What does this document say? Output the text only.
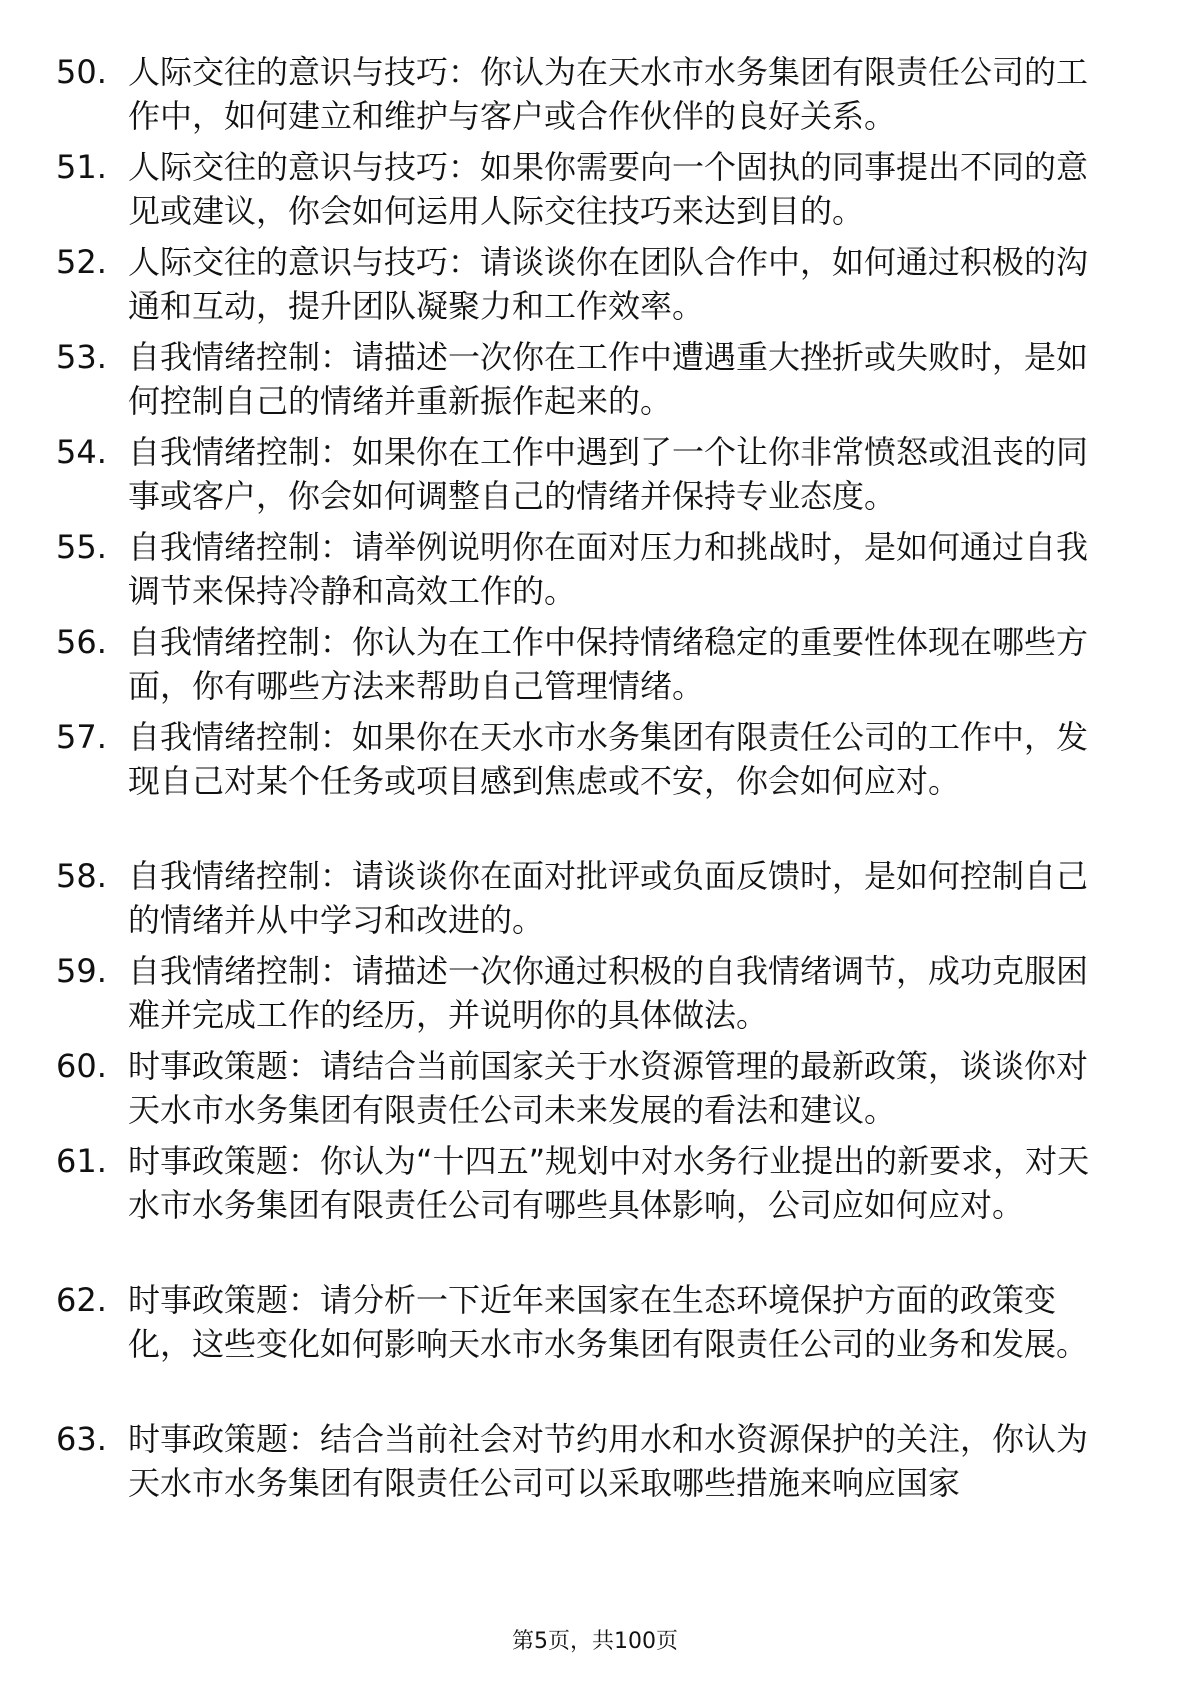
50. 人际交往的意识与技巧：你认为在天水市水务集团有限责任公司的工作中，如何建立和维护与客户或合作伙伴的良好关系。
51. 人际交往的意识与技巧：如果你需要向一个固执的同事提出不同的意见或建议，你会如何运用人际交往技巧来达到目的。
52. 人际交往的意识与技巧：请谈谈你在团队合作中，如何通过积极的沟通和互动，提升团队凝聚力和工作效率。
53. 自我情绪控制：请描述一次你在工作中遭遇重大挫折或失败时，是如何控制自己的情绪并重新振作起来的。
54. 自我情绪控制：如果你在工作中遇到了一个让你非常愤怒或沮丧的同事或客户，你会如何调整自己的情绪并保持专业态度。
55. 自我情绪控制：请举例说明你在面对压力和挑战时，是如何通过自我调节来保持冷静和高效工作的。
56. 自我情绪控制：你认为在工作中保持情绪稳定的重要性体现在哪些方面，你有哪些方法来帮助自己管理情绪。
57. 自我情绪控制：如果你在天水市水务集团有限责任公司的工作中，发现自己对某个任务或项目感到焦虑或不安，你会如何应对。
58. 自我情绪控制：请谈谈你在面对批评或负面反馈时，是如何控制自己的情绪并从中学习和改进的。
59. 自我情绪控制：请描述一次你通过积极的自我情绪调节，成功克服困难并完成工作的经历，并说明你的具体做法。
60. 时事政策题：请结合当前国家关于水资源管理的最新政策，谈谈你对天水市水务集团有限责任公司未来发展的看法和建议。
61. 时事政策题：你认为“十四五”规划中对水务行业提出的新要求，对天水市水务集团有限责任公司有哪些具体影响，公司应如何应对。
62. 时事政策题：请分析一下近年来国家在生态环境保护方面的政策变化，这些变化如何影响天水市水务集团有限责任公司的业务和发展。
63. 时事政策题：结合当前社会对节约用水和水资源保护的关注，你认为天水市水务集团有限责任公司可以采取哪些措施来响应国家
第5页，共100页
